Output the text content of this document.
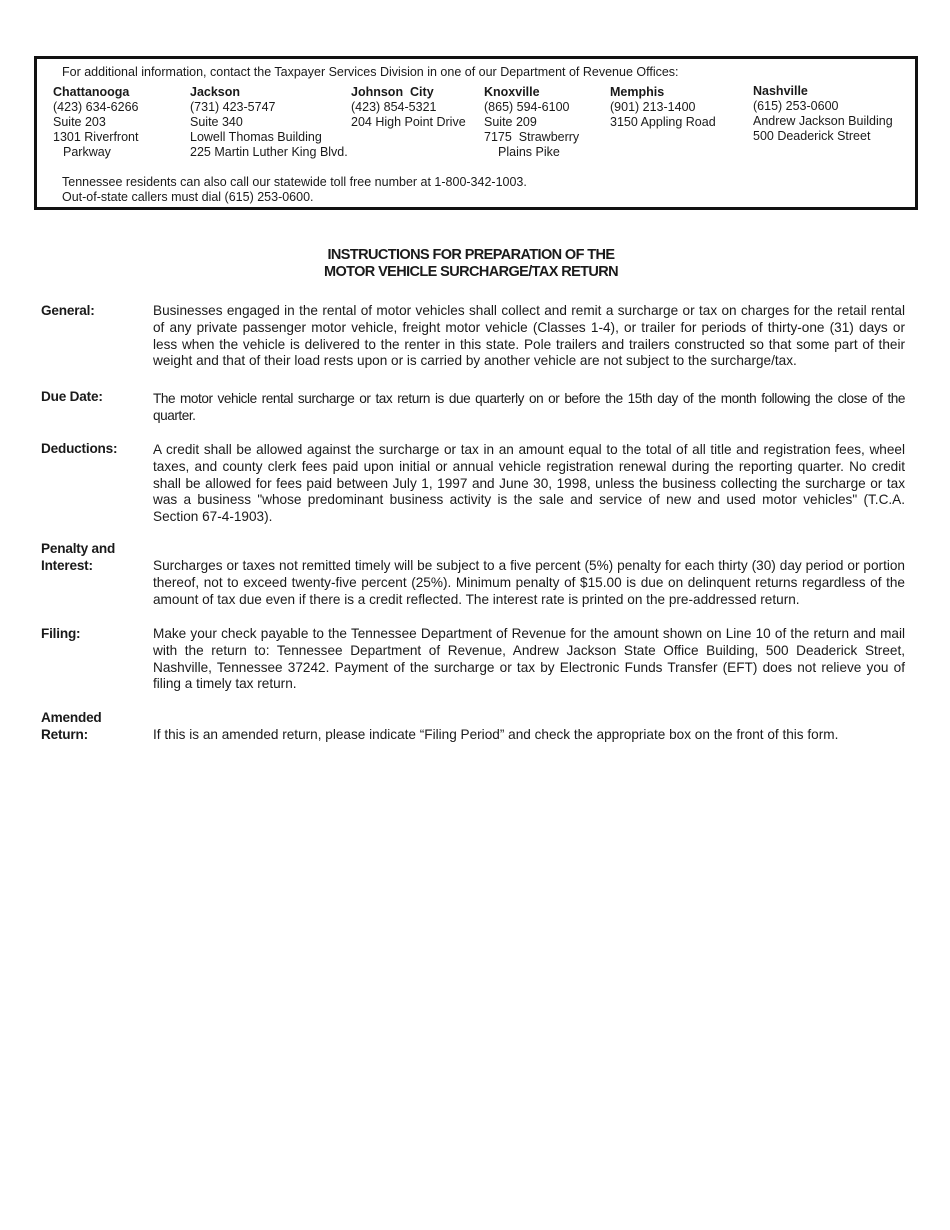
For additional information, contact the Taxpayer Services Division in one of our Department of Revenue Offices:

Chattanooga
(423) 634-6266
Suite 203
1301 Riverfront
Parkway
Jackson
(731) 423-5747
Suite 340
Lowell Thomas Building
225 Martin Luther King Blvd.
Johnson  City
(423) 854-5321
204 High Point Drive
Knoxville
(865) 594-6100
Suite 209
7175  Strawberry
Plains Pike
Memphis
(901) 213-1400
3150 Appling Road
Nashville
(615) 253-0600
Andrew Jackson Building
500 Deaderick Street
Tennessee residents can also call our statewide toll free number at 1-800-342-1003.
Out-of-state callers must dial (615) 253-0600.
INSTRUCTIONS FOR PREPARATION OF THE
MOTOR VEHICLE SURCHARGE/TAX RETURN
General:	Businesses engaged in the rental of motor vehicles shall collect and remit a surcharge or tax on charges for the retail rental of any private passenger motor vehicle, freight motor vehicle (Classes 1-4), or trailer for periods of thirty-one (31) days or less when the vehicle is delivered to the renter in this state. Pole trailers and trailers constructed so that some part of their weight and that of their load rests upon or is carried by another vehicle are not subject to the surcharge/tax.

Due Date:	The motor vehicle rental surcharge or tax return is due quarterly on or before the 15th day of the month following the close of the quarter.

Deductions:	A credit shall be allowed against the surcharge or tax in an amount equal to the total of all title and registration fees, wheel taxes, and county clerk fees paid upon initial or annual vehicle registration renewal during the reporting quarter. No credit shall be allowed for fees paid between July 1, 1997 and June 30, 1998, unless the business collecting the surcharge or tax was a business "whose predominant business activity is the sale and service of new and used motor vehicles" (T.C.A. Section 67-4-1903).

Penalty and
Interest:	Surcharges or taxes not remitted timely will be subject to a five percent (5%) penalty for each thirty (30) day period or portion thereof, not to exceed twenty-five percent (25%). Minimum penalty of $15.00 is due on delinquent returns regardless of the amount of tax due even if there is a credit reflected. The interest rate is printed on the pre-addressed return.

Filing:	Make your check payable to the Tennessee Department of Revenue for the amount shown on Line 10 of the return and mail with the return to: Tennessee Department of Revenue, Andrew Jackson State Office Building, 500 Deaderick Street, Nashville, Tennessee 37242. Payment of the surcharge or tax by Electronic Funds Transfer (EFT) does not relieve you of filing a timely tax return.

Amended
Return:	If this is an amended return, please indicate “Filing Period” and check the appropriate box on the front of this form.
